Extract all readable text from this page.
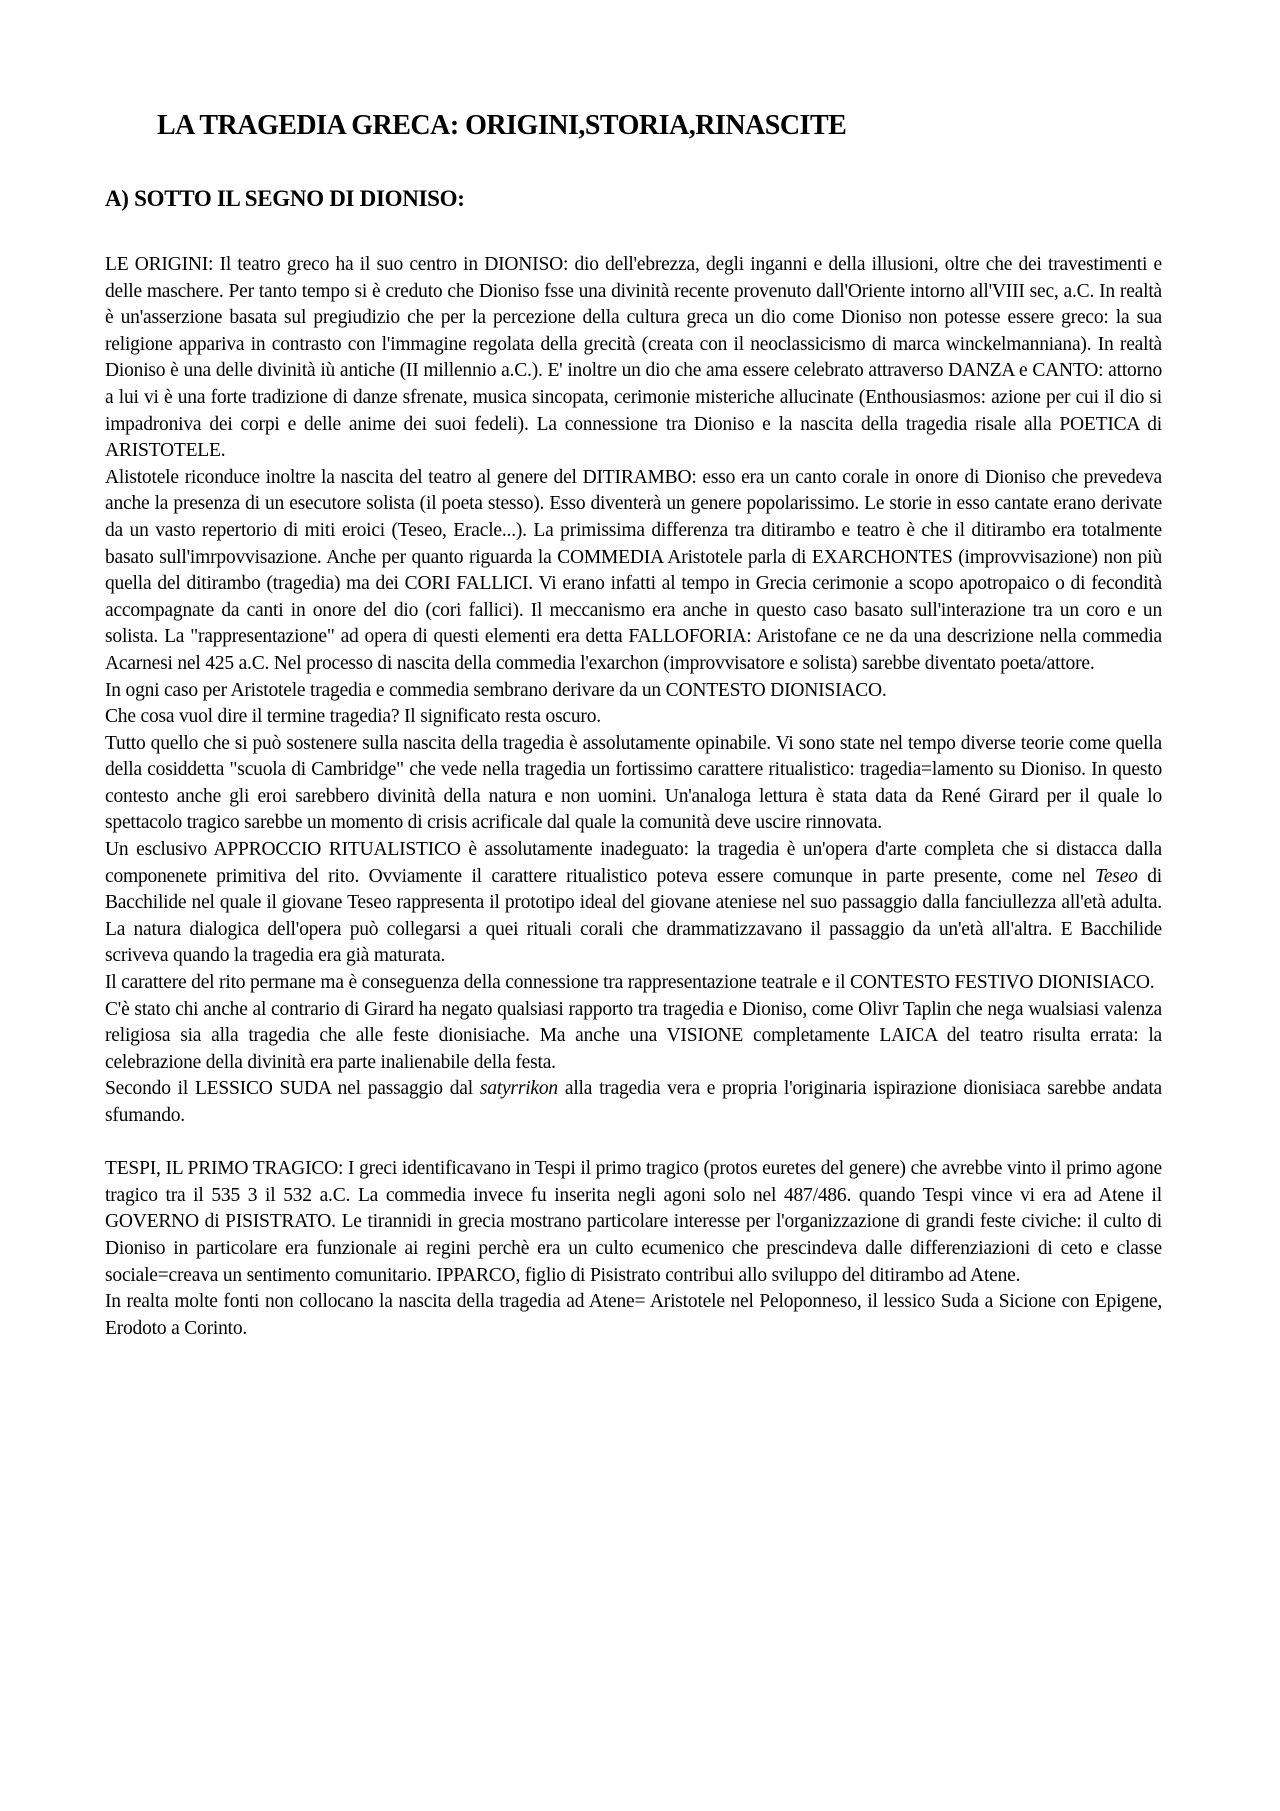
LA TRAGEDIA GRECA: ORIGINI,STORIA,RINASCITE
A) SOTTO IL SEGNO DI DIONISO:

LE ORIGINI: Il teatro greco ha il suo centro in DIONISO: dio dell'ebrezza, degli inganni e della illusioni, oltre che dei travestimenti e delle maschere. Per tanto tempo si è creduto che Dioniso fsse una divinità recente provenuto dall'Oriente intorno all'VIII sec, a.C. In realtà è un'asserzione basata sul pregiudizio che per la percezione della cultura greca un dio come Dioniso non potesse essere greco: la sua religione appariva in contrasto con l'immagine regolata della grecità (creata con il neoclassicismo di marca winckelmanniana). In realtà Dioniso è una delle divinità iù antiche (II millennio a.C.). E' inoltre un dio che ama essere celebrato attraverso DANZA e CANTO: attorno a lui vi è una forte tradizione di danze sfrenate, musica sincopata, cerimonie misteriche allucinate (Enthousiasmos: azione per cui il dio si impadroniva dei corpi e delle anime dei suoi fedeli). La connessione tra Dioniso e la nascita della tragedia risale alla POETICA di ARISTOTELE.

Alistotele riconduce inoltre la nascita del teatro al genere del DITIRAMBO: esso era un canto corale in onore di Dioniso che prevedeva anche la presenza di un esecutore solista (il poeta stesso). Esso diventerà un genere popolarissimo. Le storie in esso cantate erano derivate da un vasto repertorio di miti eroici (Teseo, Eracle...). La primissima differenza tra ditirambo e teatro è che il ditirambo era totalmente basato sull'imrpovvisazione. Anche per quanto riguarda la COMMEDIA Aristotele parla di EXARCHONTES (improvvisazione) non più quella del ditirambo (tragedia) ma dei CORI FALLICI. Vi erano infatti al tempo in Grecia cerimonie a scopo apotropaico o di fecondità accompagnate da canti in onore del dio (cori fallici). Il meccanismo era anche in questo caso basato sull'interazione tra un coro e un solista. La "rappresentazione" ad opera di questi elementi era detta FALLOFORIA: Aristofane ce ne da una descrizione nella commedia Acarnesi nel 425 a.C. Nel processo di nascita della commedia l'exarchon (improvvisatore e solista) sarebbe diventato poeta/attore.

In ogni caso per Aristotele tragedia e commedia sembrano derivare da un CONTESTO DIONISIACO.

Che cosa vuol dire il termine tragedia? Il significato resta oscuro.

Tutto quello che si può sostenere sulla nascita della tragedia è assolutamente opinabile. Vi sono state nel tempo diverse teorie come quella della cosiddetta "scuola di Cambridge" che vede nella tragedia un fortissimo carattere ritualistico: tragedia=lamento su Dioniso. In questo contesto anche gli eroi sarebbero divinità della natura e non uomini. Un'analoga lettura è stata data da René Girard per il quale lo spettacolo tragico sarebbe un momento di crisis acrificale dal quale la comunità deve uscire rinnovata.

Un esclusivo APPROCCIO RITUALISTICO è assolutamente inadeguato: la tragedia è un'opera d'arte completa che si distacca dalla componenete primitiva del rito. Ovviamente il carattere ritualistico poteva essere comunque in parte presente, come nel Teseo di Bacchilide nel quale il giovane Teseo rappresenta il prototipo ideal del giovane ateniese nel suo passaggio dalla fanciullezza all'età adulta. La natura dialogica dell'opera può collegarsi a quei rituali corali che drammatizzavano il passaggio da un'età all'altra. E Bacchilide scriveva quando la tragedia era già maturata.

Il carattere del rito permane ma è conseguenza della connessione tra rappresentazione teatrale e il CONTESTO FESTIVO DIONISIACO.

C'è stato chi anche al contrario di Girard ha negato qualsiasi rapporto tra tragedia e Dioniso, come Olivr Taplin che nega wualsiasi valenza religiosa sia alla tragedia che alle feste dionisiache. Ma anche una VISIONE completamente LAICA del teatro risulta errata: la celebrazione della divinità era parte inalienabile della festa.

Secondo il LESSICO SUDA nel passaggio dal satyrrikon alla tragedia vera e propria l'originaria ispirazione dionisiaca sarebbe andata sfumando.

TESPI, IL PRIMO TRAGICO: I greci identificavano in Tespi il primo tragico (protos euretes del genere) che avrebbe vinto il primo agone tragico tra il 535 3 il 532 a.C. La commedia invece fu inserita negli agoni solo nel 487/486. quando Tespi vince vi era ad Atene il GOVERNO di PISISTRATO. Le tirannidi in grecia mostrano particolare interesse per l'organizzazione di grandi feste civiche: il culto di Dioniso in particolare era funzionale ai regini perchè era un culto ecumenico che prescindeva dalle differenziazioni di ceto e classe sociale=creava un sentimento comunitario. IPPARCO, figlio di Pisistrato contribui allo sviluppo del ditirambo ad Atene.

In realta molte fonti non collocano la nascita della tragedia ad Atene= Aristotele nel Peloponneso, il lessico Suda a Sicione con Epigene, Erodoto a Corinto.
